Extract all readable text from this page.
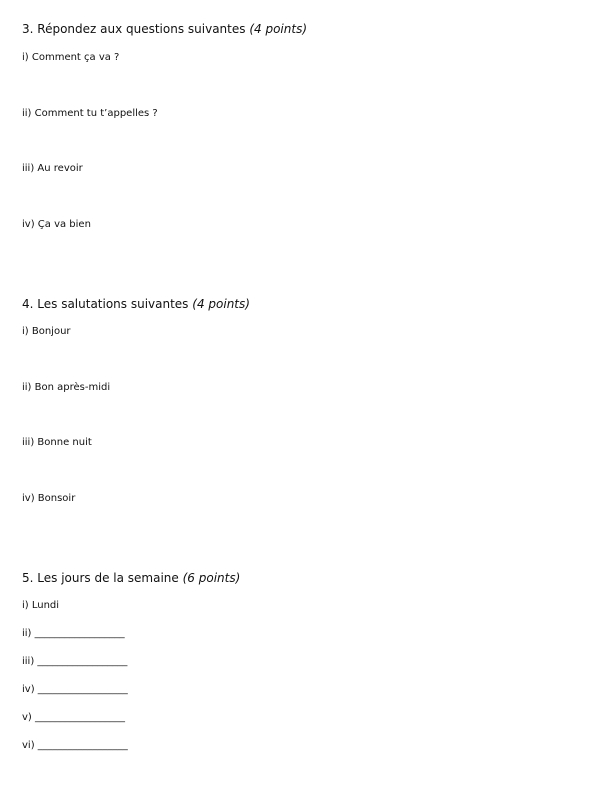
3. Répondez aux questions suivantes (4 points)
i) Comment ça va ?
ii) Comment tu t’appelles ?
iii) Au revoir
iv) Ça va bien
4. Les salutations suivantes (4 points)
i) Bonjour
ii) Bon après-midi
iii) Bonne nuit
iv) Bonsoir
5. Les jours de la semaine (6 points)
i) Lundi
ii) __________________
iii) __________________
iv) __________________
v) __________________
vi) __________________
